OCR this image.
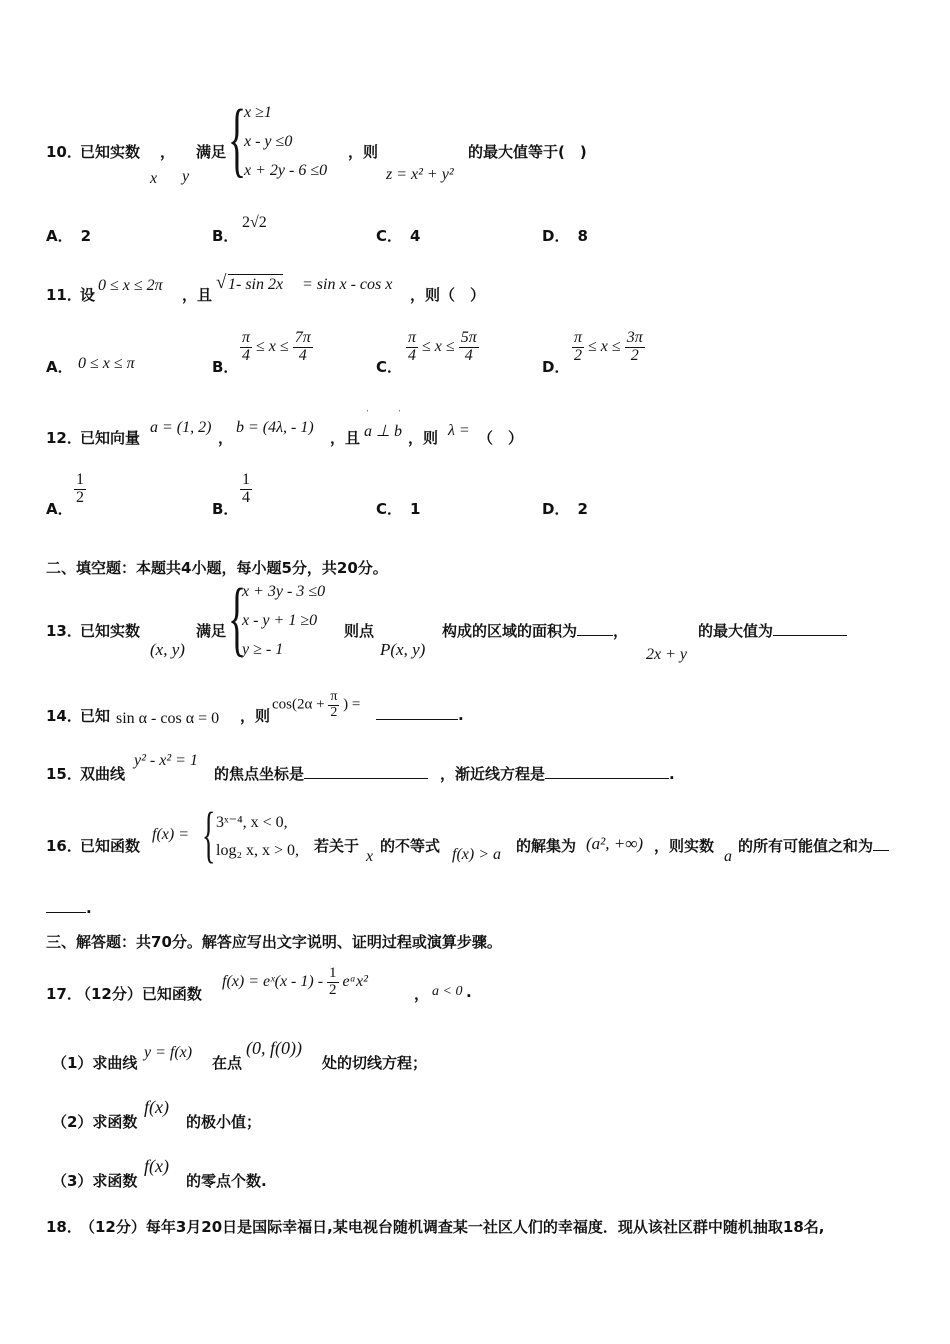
10．
已知实数 ， 满足
x y {
x ≥1
x - y ≤0
x + 2y - 6 ≤0
，则
z = x² + y²
的最大值等于(　)
A． 2	B．
2√2
C． 4	D． 8
11．
设
0 ≤ x ≤ 2π
，且
√ 1- sin 2x = sin x - cos x
，则（　）
A． 0 ≤ x ≤ π	B．
$\frac{\pi}{4} \le x \le \frac{7\pi}{4}$
C．
$\frac{\pi}{4} \le x \le \frac{5\pi}{4}$
D．
$\frac{\pi}{2} \le x \le \frac{3\pi}{2}$
12．
已知向量
a = (1, 2)
，
b = (4λ, - 1)
，且
ˈ	ˈ
a ⊥ b ，则 λ = （　）
A．
$\frac{1}{2}$
B．
$\frac{1}{4}$
C． 1	D． 2
二、填空题：本题共4小题，每小题5分，共20分。
13．
已知实数
(x, y)
满足 {
x + 3y - 3 ≤0
x - y + 1 ≥0
y ≥ - 1
则点
P(x, y)
构成的区域的面积为 ，
2x + y
的最大值为
14．
已知 sin α - cos α = 0 ，则
$\cos(2\alpha + \frac{\pi}{2}$ ) =
.
15．
双曲线
y² - x² = 1
的焦点坐标是	，渐近线方程是	.
16．
已知函数
f(x) = { 3ˣ⁻⁴, x < 0,
log₂ x, x > 0, 若关于
x
的不等式 f(x) > a 的解集为 (a², +∞) ，则实数
a
的所有可能值之和为
.
三、解答题：共70分。解答应写出文字说明、证明过程或演算步骤。
17．
（12分）已知函数
f(x) = eˣ(x - $1) - \frac{1}{2}$ eᵃx²
， a < 0 .
（1）求曲线
y = f(x)
在点
(0, f(0))
处的切线方程；
（2）求函数
f(x)
的极小值；
（3）求函数
f(x)
的零点个数.
18．
（12分）每年3月20日是国际幸福日,某电视台随机调查某一社区人们的幸福度．现从该社区群中随机抽取18名,
